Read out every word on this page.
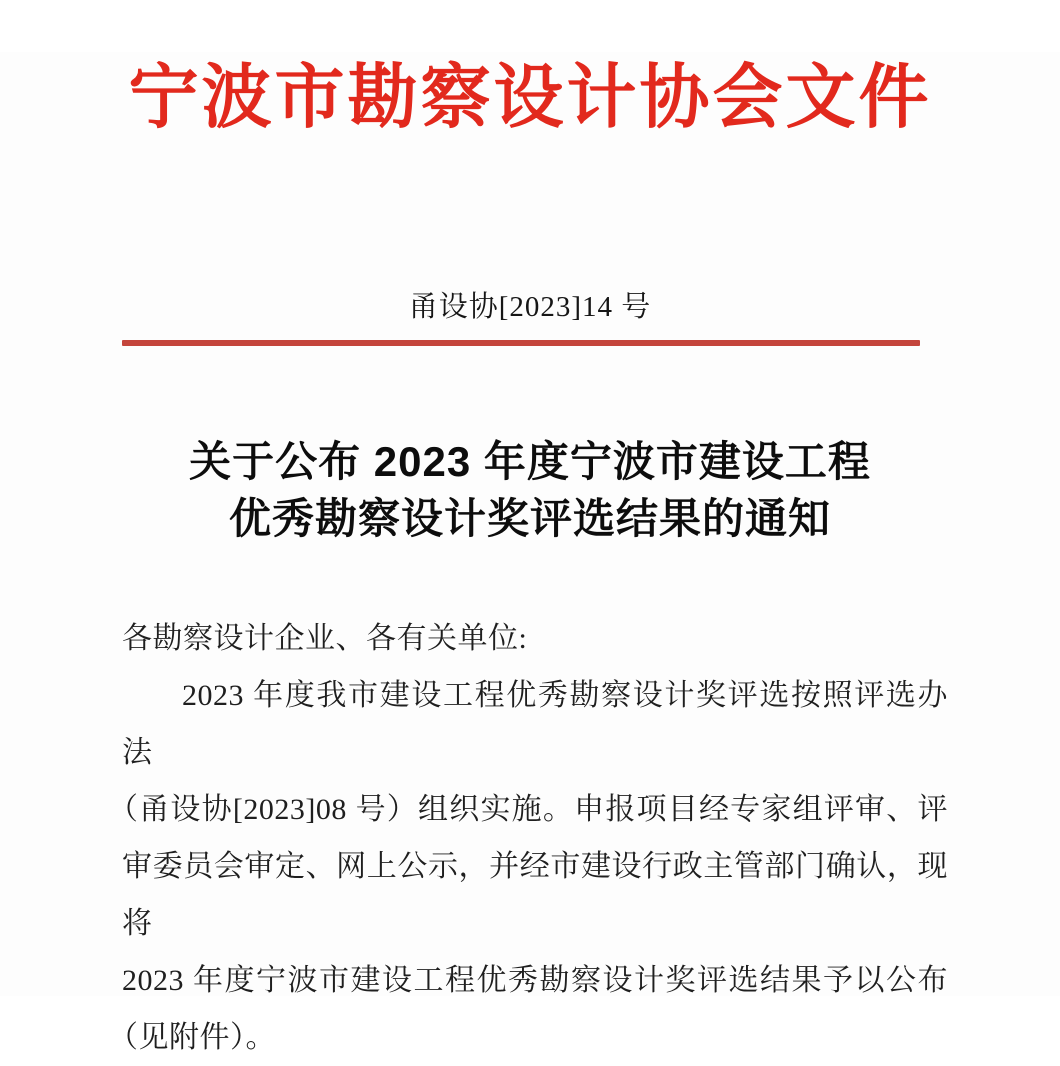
宁波市勘察设计协会文件
甬设协[2023]14 号
关于公布 2023 年度宁波市建设工程
优秀勘察设计奖评选结果的通知
各勘察设计企业、各有关单位:
2023 年度我市建设工程优秀勘察设计奖评选按照评选办法
（甬设协[2023]08 号）组织实施。申报项目经专家组评审、评
审委员会审定、网上公示，并经市建设行政主管部门确认，现将
2023 年度宁波市建设工程优秀勘察设计奖评选结果予以公布
（见附件）。
